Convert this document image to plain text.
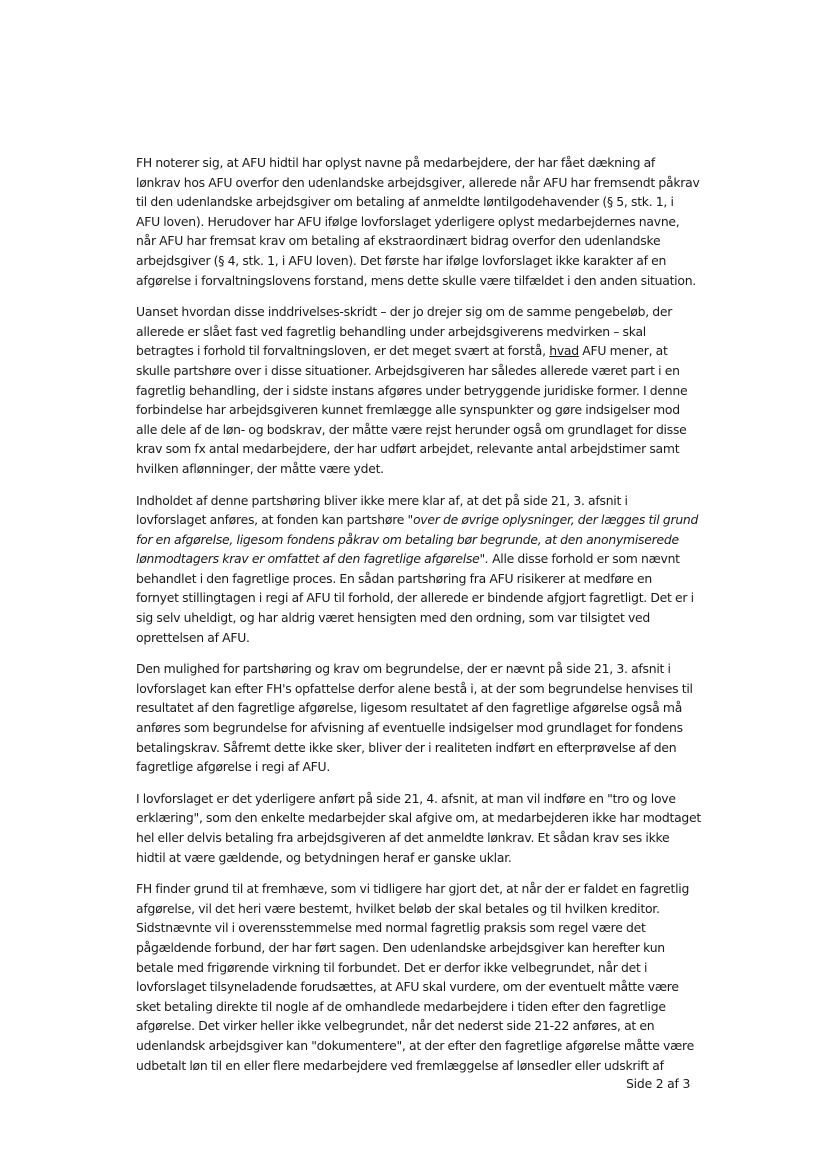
FH noterer sig, at AFU hidtil har oplyst navne på medarbejdere, der har fået dækning af
lønkrav hos AFU overfor den udenlandske arbejdsgiver, allerede når AFU har fremsendt påkrav
til den udenlandske arbejdsgiver om betaling af anmeldte løntilgodehavender (§ 5, stk. 1, i
AFU loven). Herudover har AFU ifølge lovforslaget yderligere oplyst medarbejdernes navne,
når AFU har fremsat krav om betaling af ekstraordinært bidrag overfor den udenlandske
arbejdsgiver (§ 4, stk. 1, i AFU loven). Det første har ifølge lovforslaget ikke karakter af en
afgørelse i forvaltningslovens forstand, mens dette skulle være tilfældet i den anden situation.

Uanset hvordan disse inddrivelses-skridt – der jo drejer sig om de samme pengebeløb, der
allerede er slået fast ved fagretlig behandling under arbejdsgiverens medvirken – skal
betragtes i forhold til forvaltningsloven, er det meget svært at forstå, hvad AFU mener, at
skulle partshøre over i disse situationer. Arbejdsgiveren har således allerede været part i en
fagretlig behandling, der i sidste instans afgøres under betryggende juridiske former. I denne
forbindelse har arbejdsgiveren kunnet fremlægge alle synspunkter og gøre indsigelser mod
alle dele af de løn- og bodskrav, der måtte være rejst herunder også om grundlaget for disse
krav som fx antal medarbejdere, der har udført arbejdet, relevante antal arbejdstimer samt
hvilken aflønninger, der måtte være ydet.

Indholdet af denne partshøring bliver ikke mere klar af, at det på side 21, 3. afsnit i
lovforslaget anføres, at fonden kan partshøre "over de øvrige oplysninger, der lægges til grund
for en afgørelse, ligesom fondens påkrav om betaling bør begrunde, at den anonymiserede
lønmodtagers krav er omfattet af den fagretlige afgørelse". Alle disse forhold er som nævnt
behandlet i den fagretlige proces. En sådan partshøring fra AFU risikerer at medføre en
fornyet stillingtagen i regi af AFU til forhold, der allerede er bindende afgjort fagretligt. Det er i
sig selv uheldigt, og har aldrig været hensigten med den ordning, som var tilsigtet ved
oprettelsen af AFU.

Den mulighed for partshøring og krav om begrundelse, der er nævnt på side 21, 3. afsnit i
lovforslaget kan efter FH's opfattelse derfor alene bestå i, at der som begrundelse henvises til
resultatet af den fagretlige afgørelse, ligesom resultatet af den fagretlige afgørelse også må
anføres som begrundelse for afvisning af eventuelle indsigelser mod grundlaget for fondens
betalingskrav. Såfremt dette ikke sker, bliver der i realiteten indført en efterprøvelse af den
fagretlige afgørelse i regi af AFU.

I lovforslaget er det yderligere anført på side 21, 4. afsnit, at man vil indføre en "tro og love
erklæring", som den enkelte medarbejder skal afgive om, at medarbejderen ikke har modtaget
hel eller delvis betaling fra arbejdsgiveren af det anmeldte lønkrav. Et sådan krav ses ikke
hidtil at være gældende, og betydningen heraf er ganske uklar.

FH finder grund til at fremhæve, som vi tidligere har gjort det, at når der er faldet en fagretlig
afgørelse, vil det heri være bestemt, hvilket beløb der skal betales og til hvilken kreditor.
Sidstnævnte vil i overensstemmelse med normal fagretlig praksis som regel være det
pågældende forbund, der har ført sagen. Den udenlandske arbejdsgiver kan herefter kun
betale med frigørende virkning til forbundet. Det er derfor ikke velbegrundet, når det i
lovforslaget tilsyneladende forudsættes, at AFU skal vurdere, om der eventuelt måtte være
sket betaling direkte til nogle af de omhandlede medarbejdere i tiden efter den fagretlige
afgørelse. Det virker heller ikke velbegrundet, når det nederst side 21-22 anføres, at en
udenlandsk arbejdsgiver kan "dokumentere", at der efter den fagretlige afgørelse måtte være
udbetalt løn til en eller flere medarbejdere ved fremlæggelse af lønsedler eller udskrift af

Side 2 af 3
